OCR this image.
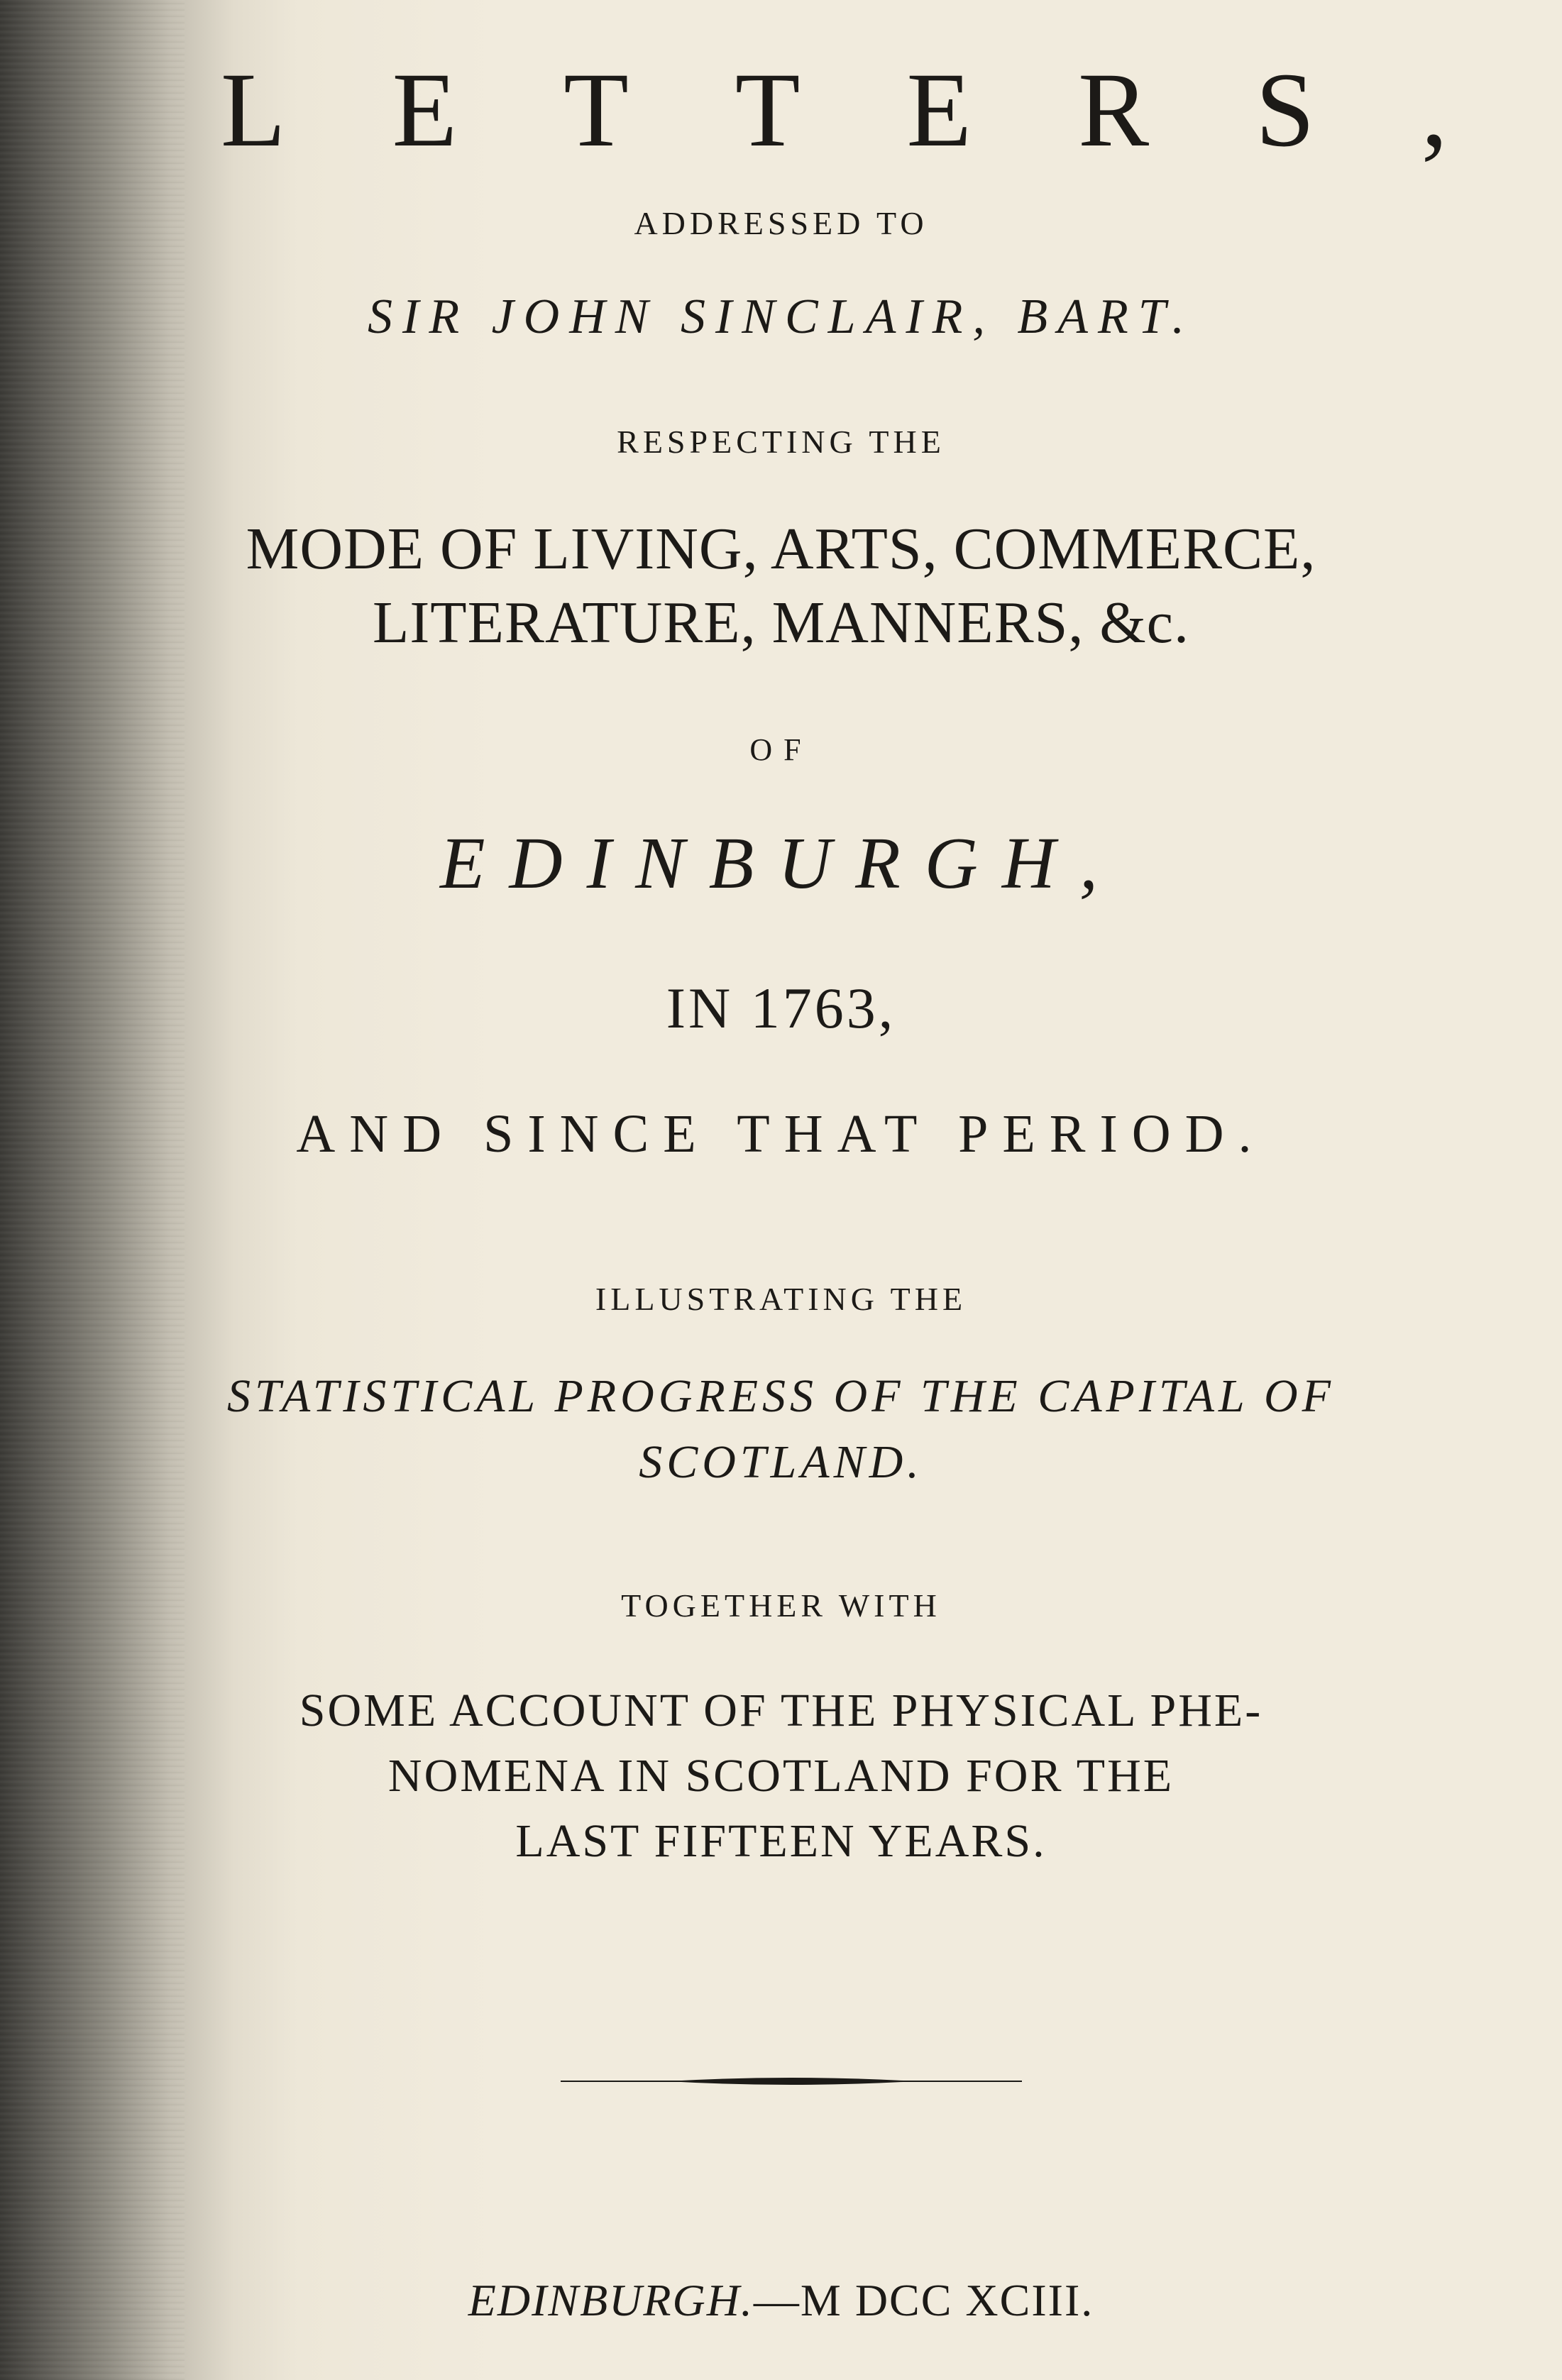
LETTERS,
ADDRESSED TO
SIR JOHN SINCLAIR, BART.
RESPECTING THE
MODE OF LIVING, ARTS, COMMERCE,
LITERATURE, MANNERS, &c.
OF
EDINBURGH,
IN 1763,
AND SINCE THAT PERIOD.
ILLUSTRATING THE
STATISTICAL PROGRESS OF THE CAPITAL OF
SCOTLAND.
TOGETHER WITH
SOME ACCOUNT OF THE PHYSICAL PHE-
NOMENA IN SCOTLAND FOR THE
LAST FIFTEEN YEARS.
EDINBURGH.—M DCC XCIII.
